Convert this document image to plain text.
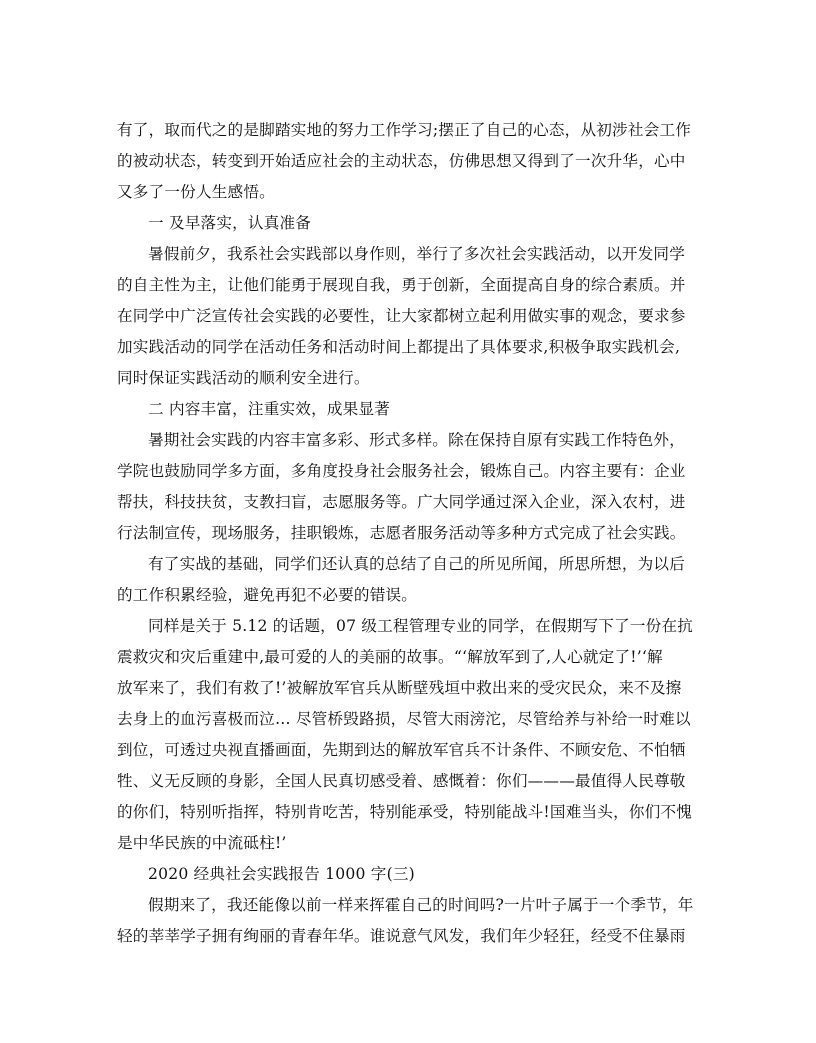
有了，取而代之的是脚踏实地的努力工作学习;摆正了自己的心态，从初涉社会工作
的被动状态，转变到开始适应社会的主动状态，仿佛思想又得到了一次升华，心中
又多了一份人生感悟。
一 及早落实，认真准备
暑假前夕，我系社会实践部以身作则，举行了多次社会实践活动，以开发同学
的自主性为主，让他们能勇于展现自我，勇于创新，全面提高自身的综合素质。并
在同学中广泛宣传社会实践的必要性，让大家都树立起利用做实事的观念，要求参
加实践活动的同学在活动任务和活动时间上都提出了具体要求,积极争取实践机会,
同时保证实践活动的顺利安全进行。
二 内容丰富，注重实效，成果显著
暑期社会实践的内容丰富多彩、形式多样。除在保持自原有实践工作特色外，
学院也鼓励同学多方面，多角度投身社会服务社会，锻炼自己。内容主要有：企业
帮扶，科技扶贫，支教扫盲，志愿服务等。广大同学通过深入企业，深入农村，进
行法制宣传，现场服务，挂职锻炼，志愿者服务活动等多种方式完成了社会实践。
有了实战的基础，同学们还认真的总结了自己的所见所闻，所思所想，为以后
的工作积累经验，避免再犯不必要的错误。
同样是关于 5.12 的话题，07 级工程管理专业的同学，在假期写下了一份在抗
震救灾和灾后重建中,最可爱的人的美丽的故事。“‘解放军到了,人心就定了!’‘解
放军来了，我们有救了!’被解放军官兵从断壁残垣中救出来的受灾民众，来不及擦
去身上的血污喜极而泣… 尽管桥毁路损，尽管大雨滂沱，尽管给养与补给一时难以
到位，可透过央视直播画面，先期到达的解放军官兵不计条件、不顾安危、不怕牺
牲、义无反顾的身影，全国人民真切感受着、感慨着：你们———最值得人民尊敬
的你们，特别听指挥，特别肯吃苦，特别能承受，特别能战斗!国难当头，你们不愧
是中华民族的中流砥柱!’
2020 经典社会实践报告 1000 字(三)
假期来了，我还能像以前一样来挥霍自己的时间吗?一片叶子属于一个季节，年
轻的莘莘学子拥有绚丽的青春年华。谁说意气风发，我们年少轻狂，经受不住暴雨
